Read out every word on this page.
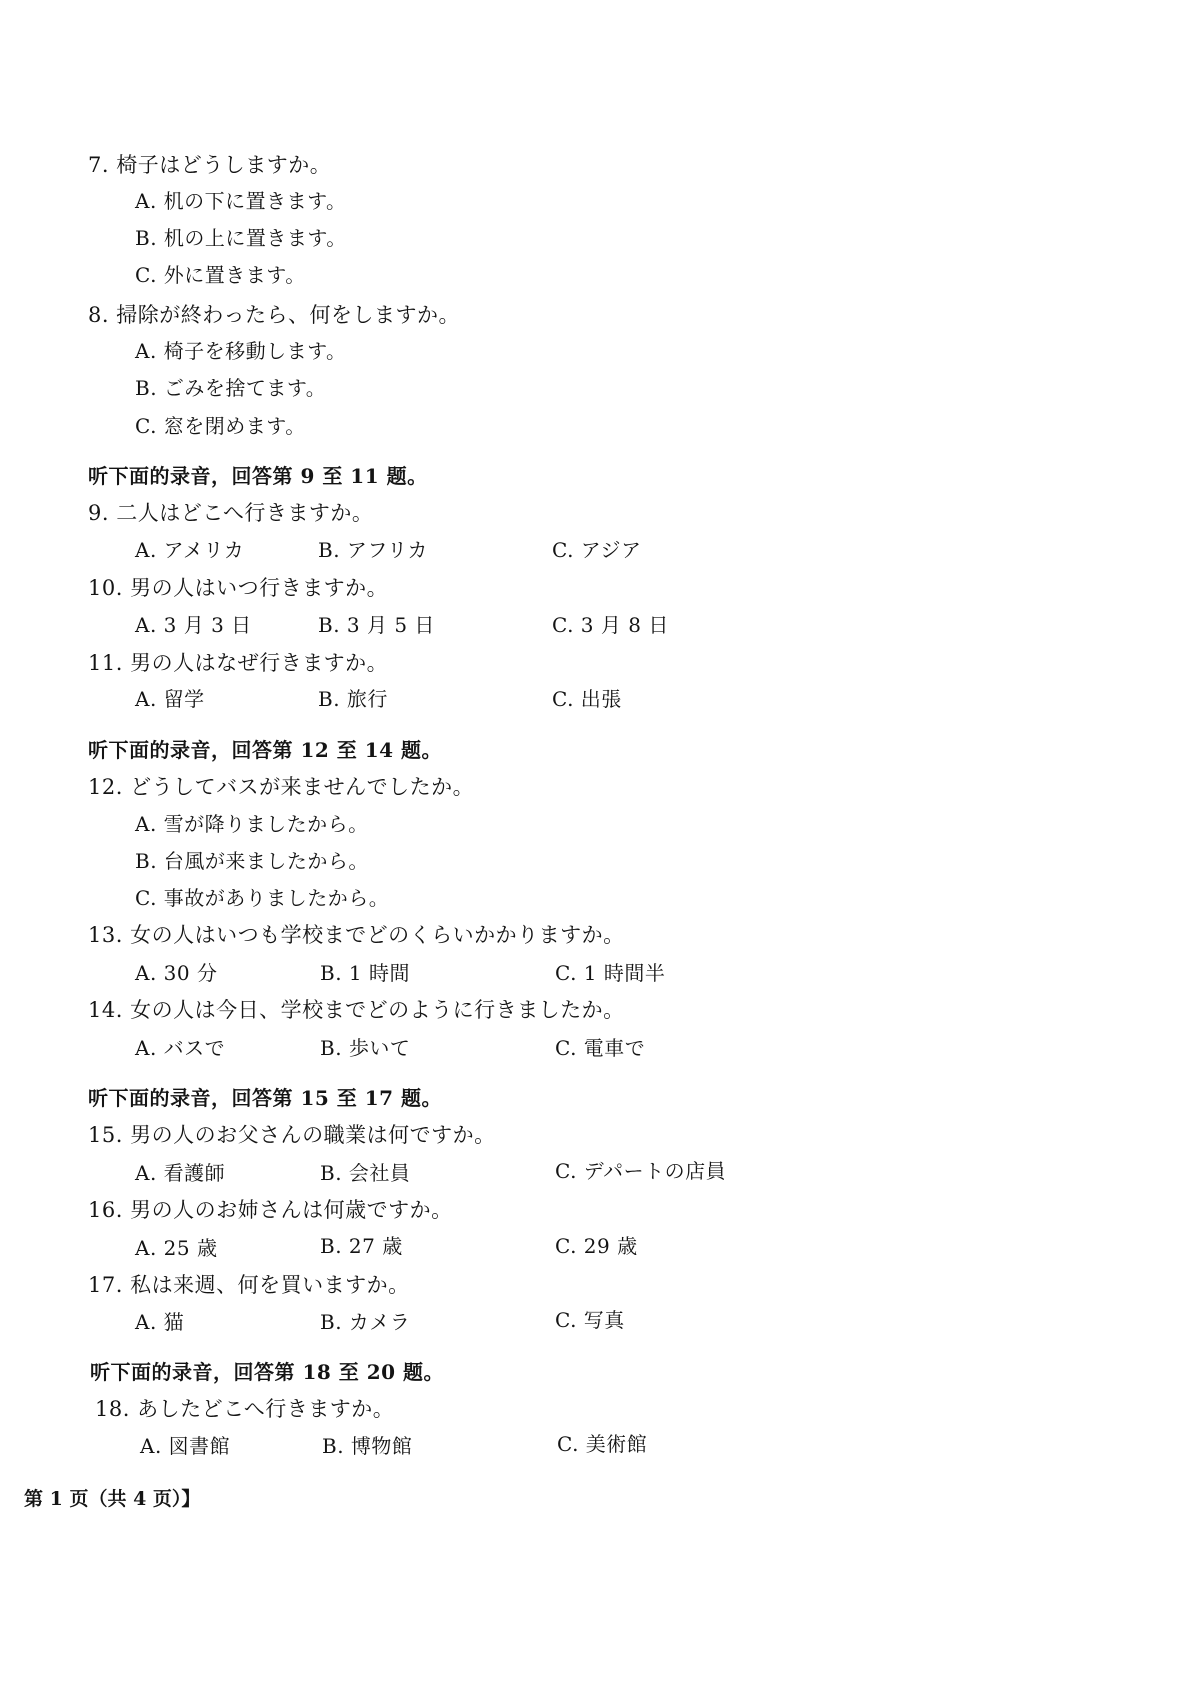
7. 椅子はどうしますか。
A. 机の下に置きます。
B. 机の上に置きます。
C. 外に置きます。
8. 掃除が終わったら、何をしますか。
A. 椅子を移動します。
B. ごみを捨てます。
C. 窓を閉めます。
听下面的录音，回答第 9 至 11 题。
9. 二人はどこへ行きますか。
A. アメリカ	B. アフリカ	C. アジア
10. 男の人はいつ行きますか。
A. 3 月 3 日	B. 3 月 5 日	C. 3 月 8 日
11. 男の人はなぜ行きますか。
A. 留学	B. 旅行	C. 出張
听下面的录音，回答第 12 至 14 题。
12. どうしてバスが来ませんでしたか。
A. 雪が降りましたから。
B. 台風が来ましたから。
C. 事故がありましたから。
13. 女の人はいつも学校までどのくらいかかりますか。
A. 30 分	B. 1 時間	C. 1 時間半
14. 女の人は今日、学校までどのように行きましたか。
A. バスで	B. 歩いて	C. 電車で
听下面的录音，回答第 15 至 17 题。
15. 男の人のお父さんの職業は何ですか。
A. 看護師	B. 会社員	C. デパートの店員
16. 男の人のお姉さんは何歳ですか。
A. 25 歳	B. 27 歳	C. 29 歳
17. 私は来週、何を買いますか。
A. 猫	B. カメラ	C. 写真
听下面的录音，回答第 18 至 20 题。
18. あしたどこへ行きますか。
A. 図書館	B. 博物館	C. 美術館
第 1 页（共 4 页）】
